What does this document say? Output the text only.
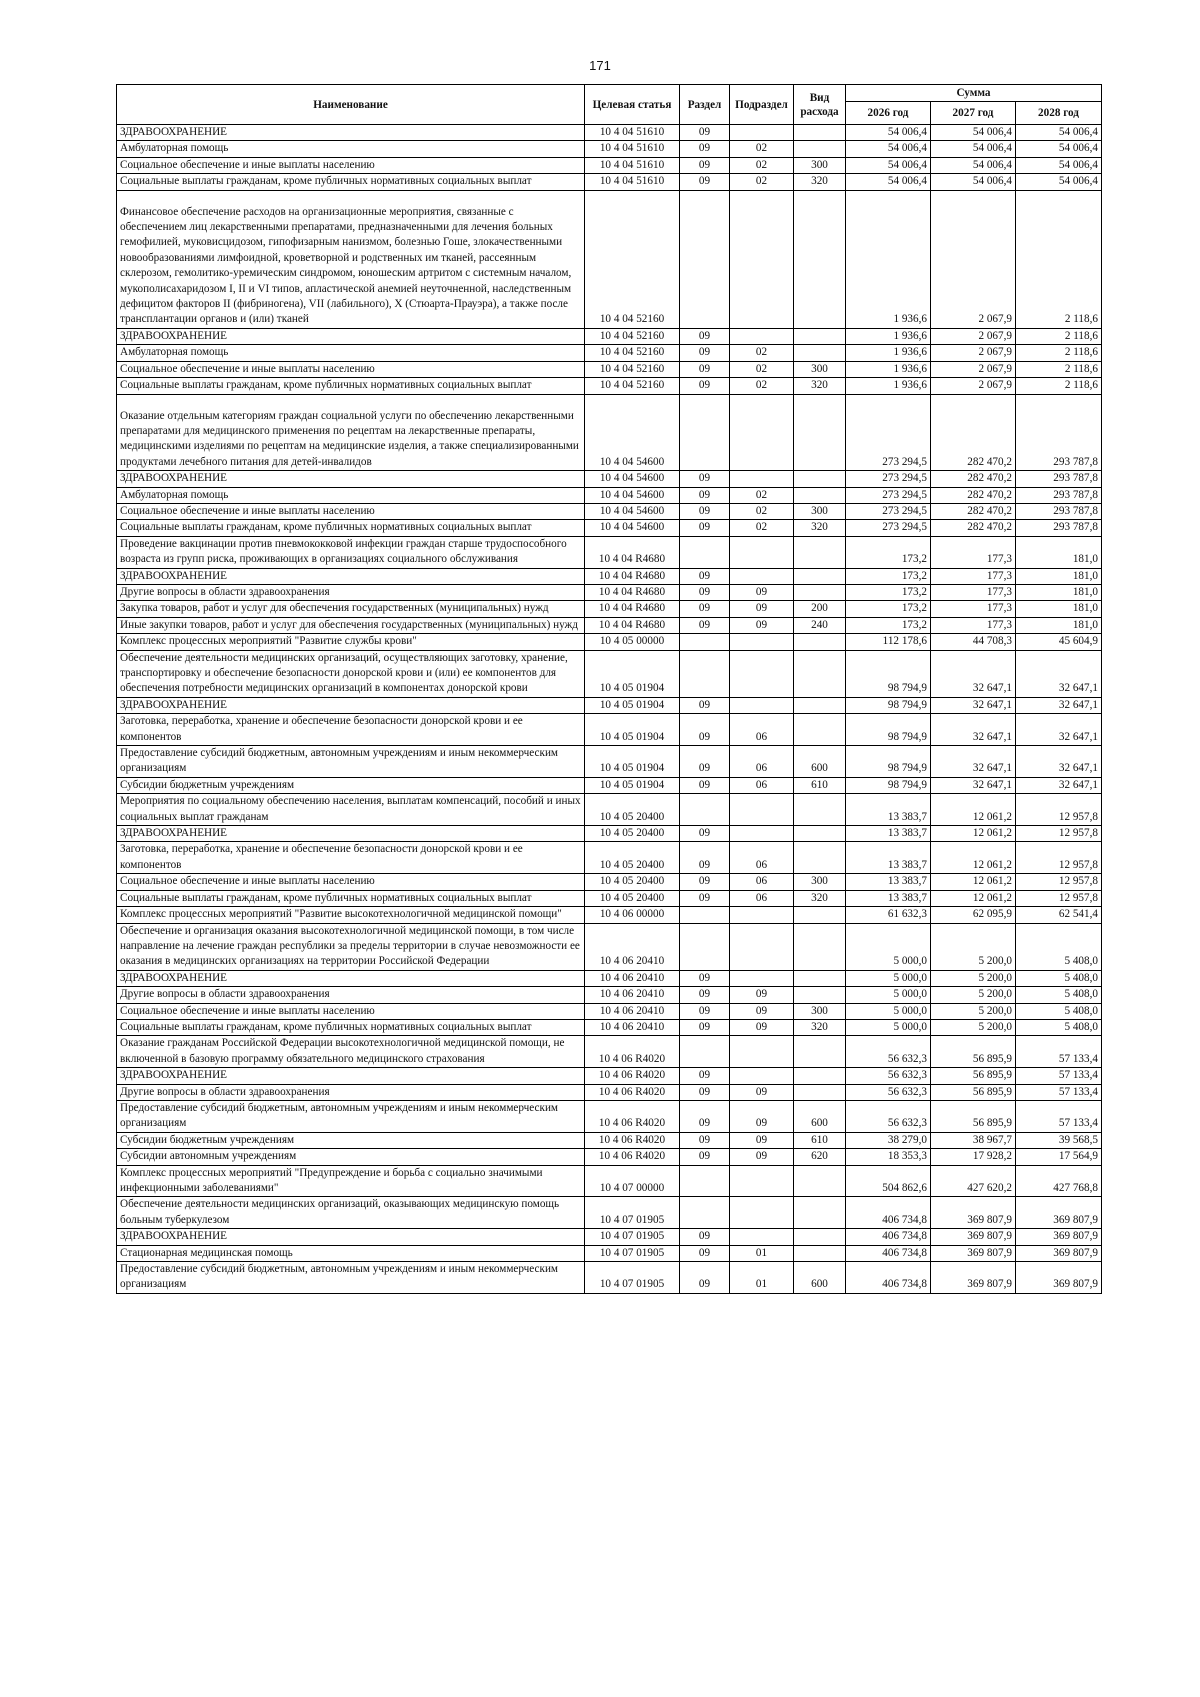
171
Наименование	Целевая статья	Раздел	Подраздел	Вид расхода	Сумма		
					2026 год	2027 год	2028 год
ЗДРАВООХРАНЕНИЕ	10 4 04 51610	09			54 006,4	54 006,4	54 006,4
Амбулаторная помощь	10 4 04 51610	09	02		54 006,4	54 006,4	54 006,4
Социальное обеспечение и иные выплаты населению	10 4 04 51610	09	02	300	54 006,4	54 006,4	54 006,4
Социальные выплаты гражданам, кроме публичных нормативных социальных выплат	10 4 04 51610	09	02	320	54 006,4	54 006,4	54 006,4
Финансовое обеспечение расходов на организационные мероприятия, связанные с обеспечением лиц лекарственными препаратами, предназначенными для лечения больных гемофилией, муковисцидозом, гипофизарным нанизмом, болезнью Гоше, злокачественными новообразованиями лимфоидной, кроветворной и родственных им тканей, рассеянным склерозом, гемолитико-уремическим синдромом, юношеским артритом с системным началом, мукополисахаридозом I, II и VI типов, апластической анемией неуточненной, наследственным дефицитом факторов II (фибриногена), VII (лабильного), X (Стюарта-Прауэра), а также после трансплантации органов и (или) тканей	10 4 04 52160				1 936,6	2 067,9	2 118,6
ЗДРАВООХРАНЕНИЕ	10 4 04 52160	09			1 936,6	2 067,9	2 118,6
Амбулаторная помощь	10 4 04 52160	09	02		1 936,6	2 067,9	2 118,6
Социальное обеспечение и иные выплаты населению	10 4 04 52160	09	02	300	1 936,6	2 067,9	2 118,6
Социальные выплаты гражданам, кроме публичных нормативных социальных выплат	10 4 04 52160	09	02	320	1 936,6	2 067,9	2 118,6
Оказание отдельным категориям граждан социальной услуги по обеспечению лекарственными препаратами для медицинского применения по рецептам на лекарственные препараты, медицинскими изделиями по рецептам на медицинские изделия, а также специализированными продуктами лечебного питания для детей-инвалидов	10 4 04 54600				273 294,5	282 470,2	293 787,8
ЗДРАВООХРАНЕНИЕ	10 4 04 54600	09			273 294,5	282 470,2	293 787,8
Амбулаторная помощь	10 4 04 54600	09	02		273 294,5	282 470,2	293 787,8
Социальное обеспечение и иные выплаты населению	10 4 04 54600	09	02	300	273 294,5	282 470,2	293 787,8
Социальные выплаты гражданам, кроме публичных нормативных социальных выплат	10 4 04 54600	09	02	320	273 294,5	282 470,2	293 787,8
Проведение вакцинации против пневмококковой инфекции граждан старше трудоспособного возраста из групп риска, проживающих в организациях социального обслуживания	10 4 04 R4680				173,2	177,3	181,0
ЗДРАВООХРАНЕНИЕ	10 4 04 R4680	09			173,2	177,3	181,0
Другие вопросы в области здравоохранения	10 4 04 R4680	09	09		173,2	177,3	181,0
Закупка товаров, работ и услуг для обеспечения государственных (муниципальных) нужд	10 4 04 R4680	09	09	200	173,2	177,3	181,0
Иные закупки товаров, работ и услуг для обеспечения государственных (муниципальных) нужд	10 4 04 R4680	09	09	240	173,2	177,3	181,0
Комплекс процессных мероприятий "Развитие службы крови"	10 4 05 00000				112 178,6	44 708,3	45 604,9
Обеспечение деятельности медицинских организаций, осуществляющих заготовку, хранение, транспортировку и обеспечение безопасности донорской крови и (или) ее компонентов для обеспечения потребности медицинских организаций в компонентах донорской крови	10 4 05 01904				98 794,9	32 647,1	32 647,1
ЗДРАВООХРАНЕНИЕ	10 4 05 01904	09			98 794,9	32 647,1	32 647,1
Заготовка, переработка, хранение и обеспечение безопасности донорской крови и ее компонентов	10 4 05 01904	09	06		98 794,9	32 647,1	32 647,1
Предоставление субсидий бюджетным, автономным учреждениям и иным некоммерческим организациям	10 4 05 01904	09	06	600	98 794,9	32 647,1	32 647,1
Субсидии бюджетным учреждениям	10 4 05 01904	09	06	610	98 794,9	32 647,1	32 647,1
Мероприятия по социальному обеспечению населения, выплатам компенсаций, пособий и иных социальных выплат гражданам	10 4 05 20400				13 383,7	12 061,2	12 957,8
ЗДРАВООХРАНЕНИЕ	10 4 05 20400	09			13 383,7	12 061,2	12 957,8
Заготовка, переработка, хранение и обеспечение безопасности донорской крови и ее компонентов	10 4 05 20400	09	06		13 383,7	12 061,2	12 957,8
Социальное обеспечение и иные выплаты населению	10 4 05 20400	09	06	300	13 383,7	12 061,2	12 957,8
Социальные выплаты гражданам, кроме публичных нормативных социальных выплат	10 4 05 20400	09	06	320	13 383,7	12 061,2	12 957,8
Комплекс процессных мероприятий "Развитие высокотехнологичной медицинской помощи"	10 4 06 00000				61 632,3	62 095,9	62 541,4
Обеспечение и организация оказания высокотехнологичной медицинской помощи, в том числе направление на лечение граждан республики за пределы территории в случае невозможности ее оказания в медицинских организациях на территории Российской Федерации	10 4 06 20410				5 000,0	5 200,0	5 408,0
ЗДРАВООХРАНЕНИЕ	10 4 06 20410	09			5 000,0	5 200,0	5 408,0
Другие вопросы в области здравоохранения	10 4 06 20410	09	09		5 000,0	5 200,0	5 408,0
Социальное обеспечение и иные выплаты населению	10 4 06 20410	09	09	300	5 000,0	5 200,0	5 408,0
Социальные выплаты гражданам, кроме публичных нормативных социальных выплат	10 4 06 20410	09	09	320	5 000,0	5 200,0	5 408,0
Оказание гражданам Российской Федерации высокотехнологичной медицинской помощи, не включенной в базовую программу обязательного медицинского страхования	10 4 06 R4020				56 632,3	56 895,9	57 133,4
ЗДРАВООХРАНЕНИЕ	10 4 06 R4020	09			56 632,3	56 895,9	57 133,4
Другие вопросы в области здравоохранения	10 4 06 R4020	09	09		56 632,3	56 895,9	57 133,4
Предоставление субсидий бюджетным, автономным учреждениям и иным некоммерческим организациям	10 4 06 R4020	09	09	600	56 632,3	56 895,9	57 133,4
Субсидии бюджетным учреждениям	10 4 06 R4020	09	09	610	38 279,0	38 967,7	39 568,5
Субсидии автономным учреждениям	10 4 06 R4020	09	09	620	18 353,3	17 928,2	17 564,9
Комплекс процессных мероприятий "Предупреждение и борьба с социально значимыми инфекционными заболеваниями"	10 4 07 00000				504 862,6	427 620,2	427 768,8
Обеспечение деятельности медицинских организаций, оказывающих медицинскую помощь больным туберкулезом	10 4 07 01905				406 734,8	369 807,9	369 807,9
ЗДРАВООХРАНЕНИЕ	10 4 07 01905	09			406 734,8	369 807,9	369 807,9
Стационарная медицинская помощь	10 4 07 01905	09	01		406 734,8	369 807,9	369 807,9
Предоставление субсидий бюджетным, автономным учреждениям и иным некоммерческим организациям	10 4 07 01905	09	01	600	406 734,8	369 807,9	369 807,9
